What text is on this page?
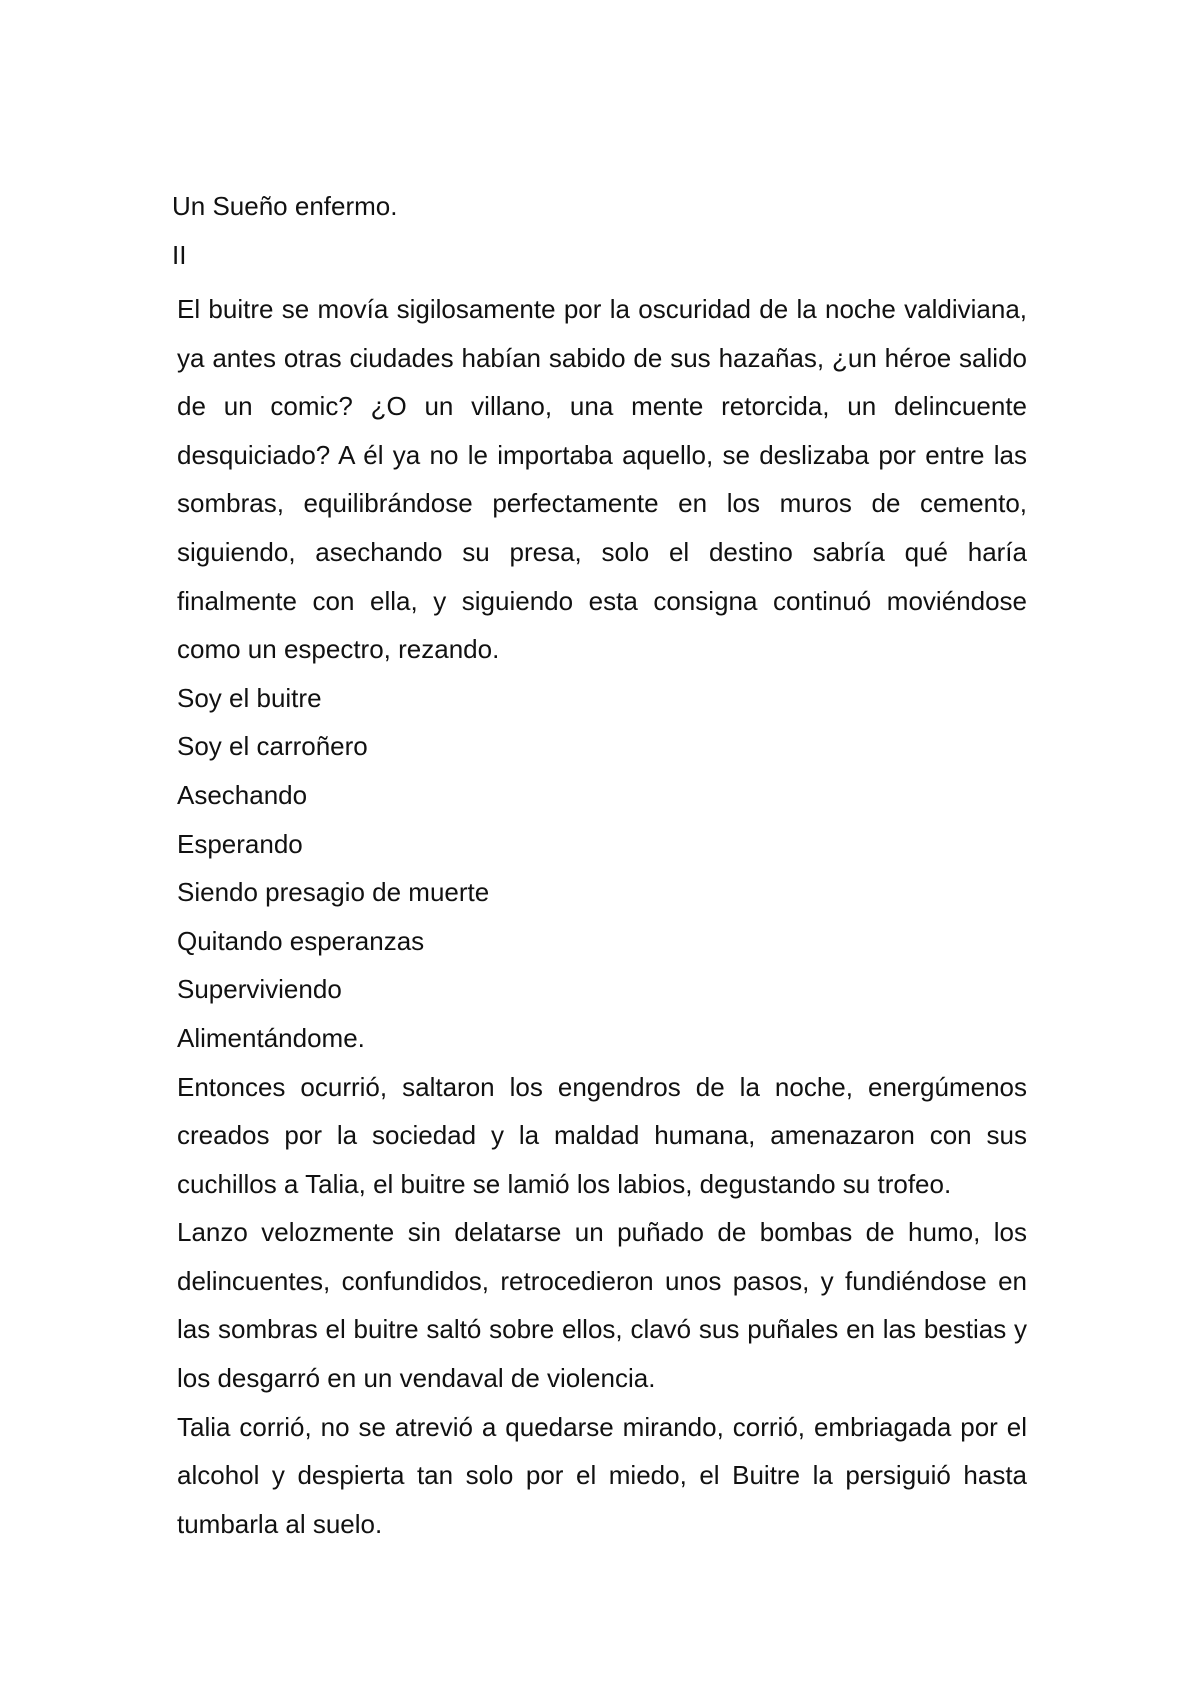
Un Sueño enfermo.
II

El buitre se movía sigilosamente por la oscuridad de la noche valdiviana, ya antes otras ciudades habían sabido de sus hazañas, ¿un héroe salido de un comic? ¿O un villano, una mente retorcida, un delincuente desquiciado? A él ya no le importaba aquello, se deslizaba por entre las sombras, equilibrándose perfectamente en los muros de cemento, siguiendo, asechando su presa, solo el destino sabría qué haría finalmente con ella, y siguiendo esta consigna continuó moviéndose como un espectro, rezando.

Soy el buitre

Soy el carroñero

Asechando

Esperando

Siendo presagio de muerte

Quitando esperanzas

Superviviendo

Alimentándome.

Entonces ocurrió, saltaron los engendros de la noche, energúmenos creados por la sociedad y la maldad humana, amenazaron con sus cuchillos a Talia, el buitre se lamió los labios, degustando su trofeo.

Lanzo velozmente sin delatarse un puñado de bombas de humo, los delincuentes, confundidos, retrocedieron unos pasos, y fundiéndose en las sombras el buitre saltó sobre ellos, clavó sus puñales en las bestias y los desgarró en un vendaval de violencia.

Talia corrió, no se atrevió a quedarse mirando, corrió, embriagada por el alcohol y despierta tan solo por el miedo, el Buitre la persiguió hasta tumbarla al suelo.
